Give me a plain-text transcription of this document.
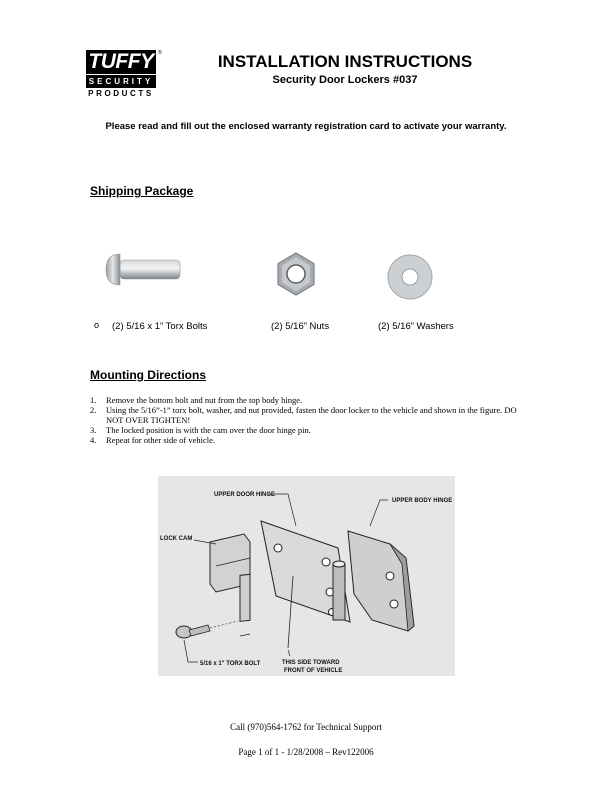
TUFFY ®
SECURITY
PRODUCTS
INSTALLATION INSTRUCTIONS
Security Door Lockers #037
Please read and fill out the enclosed warranty registration card to activate your warranty.
Shipping Package
o (2) 5/16 x 1” Torx Bolts	(2) 5/16” Nuts	(2) 5/16” Washers
Mounting Directions
1. Remove the bottom bolt and nut from the top body hinge.
2. Using the 5/16”-1” torx bolt, washer, and nut provided, fasten the door locker to the vehicle and shown in the figure. DO NOT OVER TIGHTEN!
3. The locked position is with the cam over the door hinge pin.
4. Repeat for other side of vehicle.
UPPER DOOR HINGE
UPPER BODY HINGE
LOCK CAM
5/16 x 1" TORX BOLT	THIS SIDE TOWARD
FRONT OF VEHICLE
Call (970)564-1762 for Technical Support
Page 1 of 1 - 1/28/2008 – Rev122006
